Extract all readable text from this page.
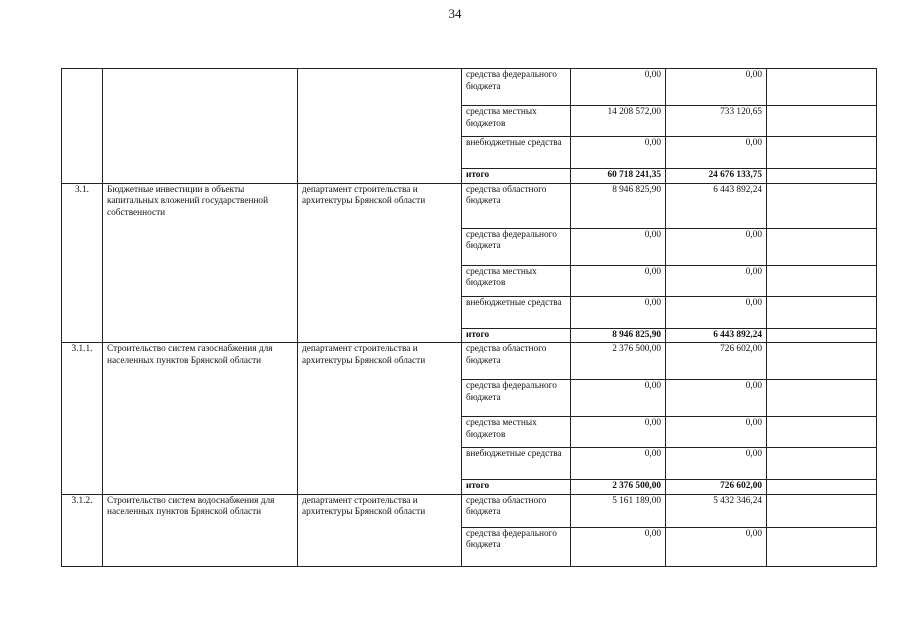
34
			средства федерального бюджета	0,00	0,00	
			средства местных бюджетов	14 208 572,00	733 120,65	
			внебюджетные средства	0,00	0,00	
			итого	60 718 241,35	24 676 133,75	
3.1.	Бюджетные инвестиции в объекты капитальных вложений государственной собственности	департамент строительства и архитектуры Брянской области	средства областного бюджета	8 946 825,90	6 443 892,24	
			средства федерального бюджета	0,00	0,00	
			средства местных бюджетов	0,00	0,00	
			внебюджетные средства	0,00	0,00	
			итого	8 946 825,90	6 443 892,24	
3.1.1.	Строительство систем газоснабжения для населенных пунктов Брянской области	департамент строительства и архитектуры Брянской области	средства областного бюджета	2 376 500,00	726 602,00	
			средства федерального бюджета	0,00	0,00	
			средства местных бюджетов	0,00	0,00	
			внебюджетные средства	0,00	0,00	
			итого	2 376 500,00	726 602,00	
3.1.2.	Строительство систем водоснабжения для населенных пунктов Брянской области	департамент строительства и архитектуры Брянской области	средства областного бюджета	5 161 189,00	5 432 346,24	
			средства федерального бюджета	0,00	0,00	
